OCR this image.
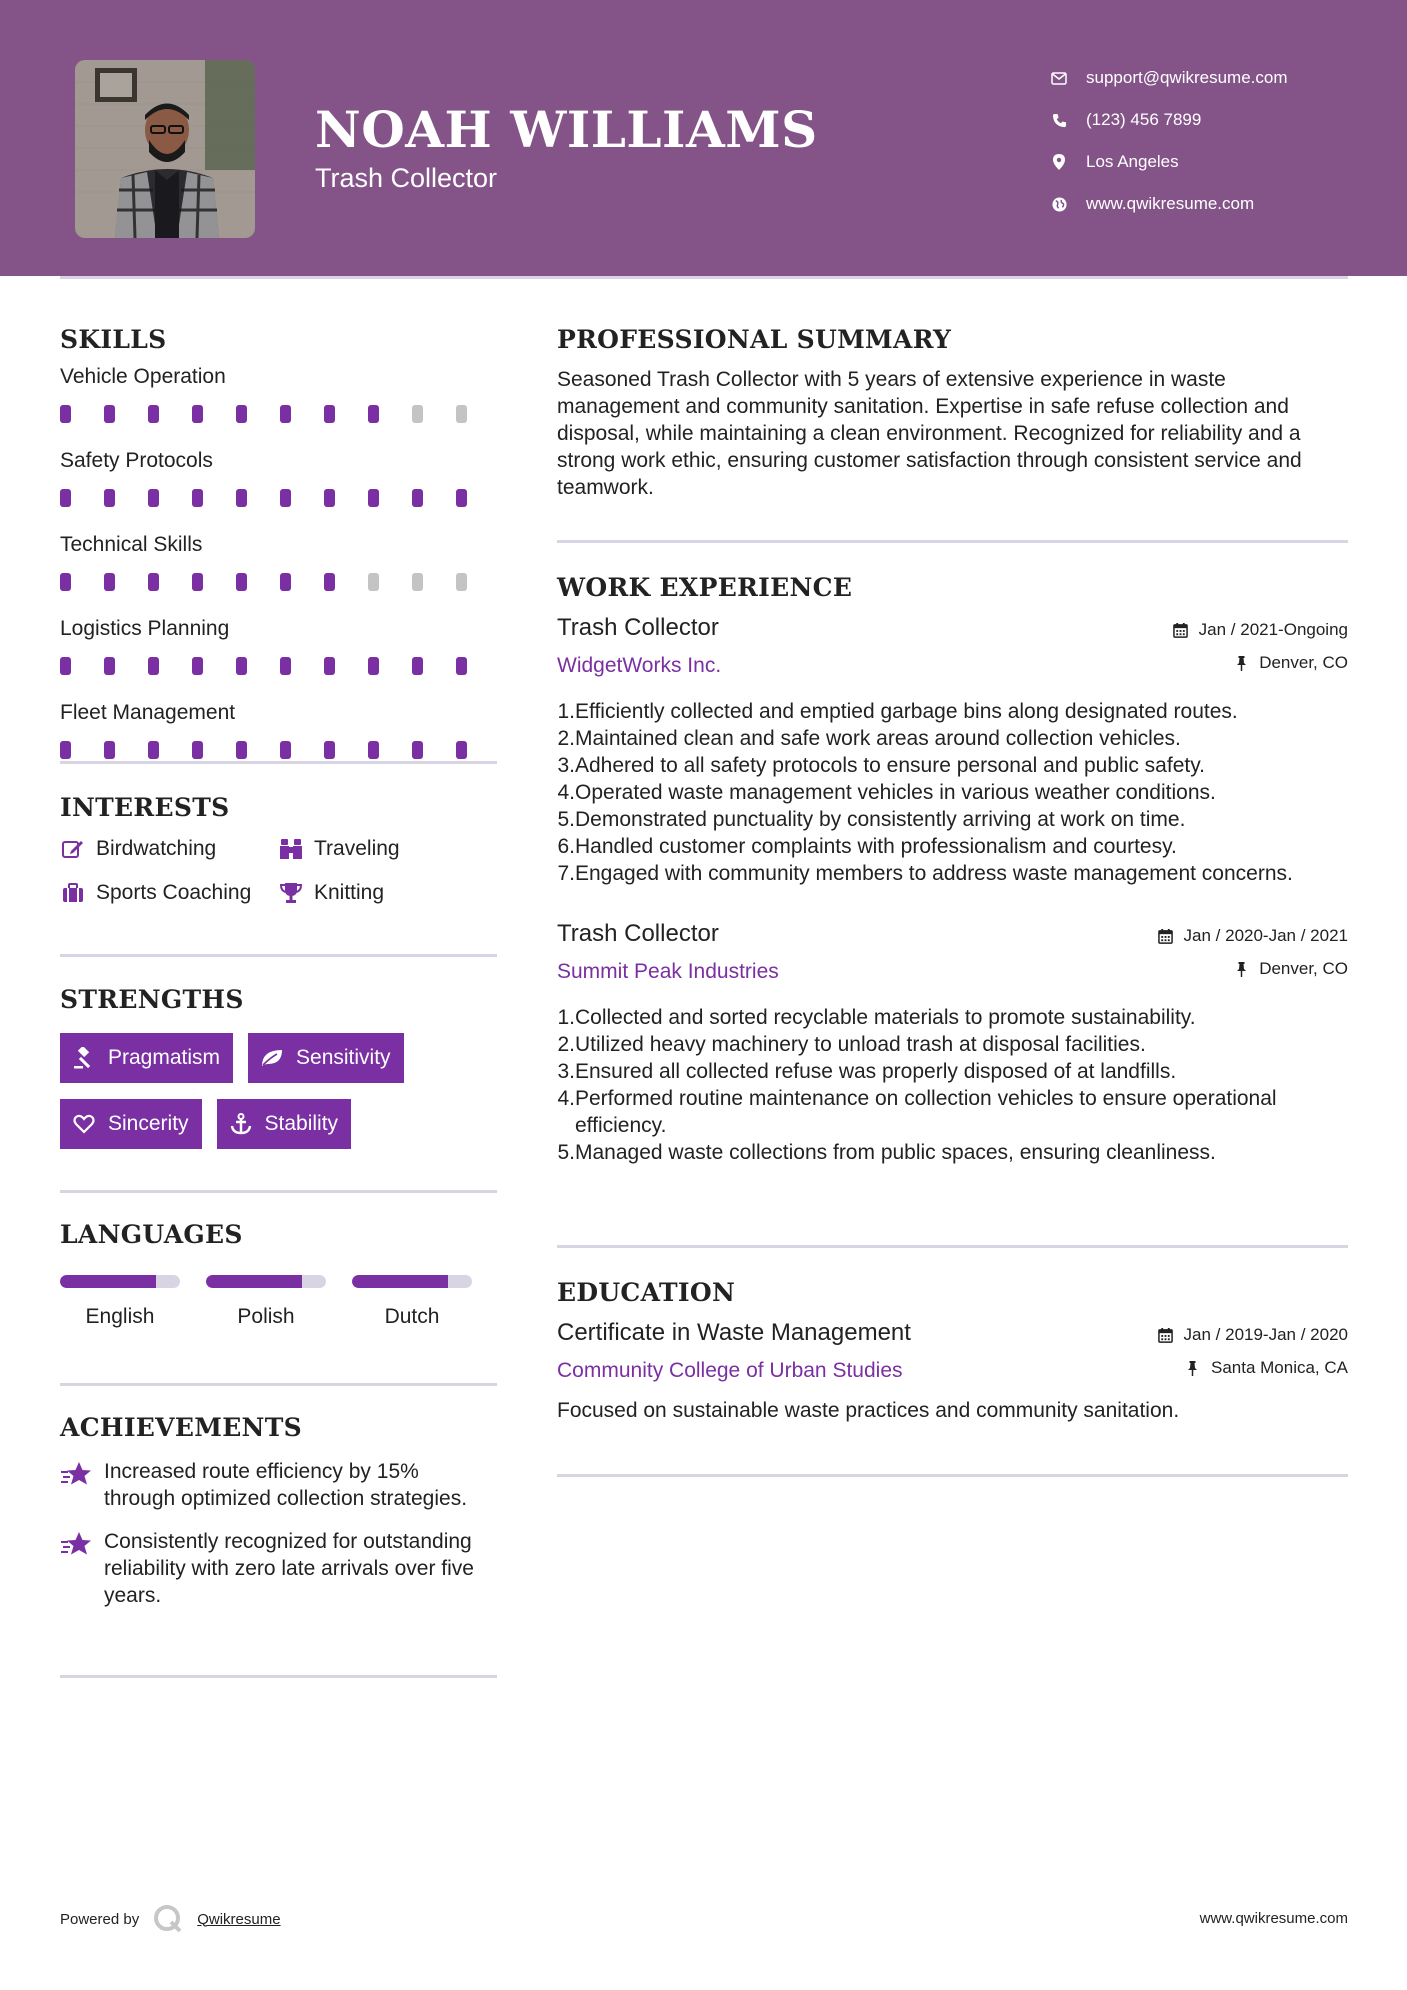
NOAH WILLIAMS
Trash Collector
support@qwikresume.com
(123) 456 7899
Los Angeles
www.qwikresume.com
SKILLS
Vehicle Operation
Safety Protocols
Technical Skills
Logistics Planning
Fleet Management
INTERESTS
Birdwatching	Traveling
Sports Coaching	Knitting
STRENGTHS
Pragmatism	Sensitivity
Sincerity	Stability
LANGUAGES
English	Polish	Dutch
ACHIEVEMENTS
Increased route efficiency by 15% through optimized collection strategies.
Consistently recognized for outstanding reliability with zero late arrivals over five years.
PROFESSIONAL SUMMARY
Seasoned Trash Collector with 5 years of extensive experience in waste management and community sanitation. Expertise in safe refuse collection and disposal, while maintaining a clean environment. Recognized for reliability and a strong work ethic, ensuring customer satisfaction through consistent service and teamwork.
WORK EXPERIENCE
Trash Collector
WidgetWorks Inc.
Jan / 2021-Ongoing
Denver, CO
1. Efficiently collected and emptied garbage bins along designated routes.
2. Maintained clean and safe work areas around collection vehicles.
3. Adhered to all safety protocols to ensure personal and public safety.
4. Operated waste management vehicles in various weather conditions.
5. Demonstrated punctuality by consistently arriving at work on time.
6. Handled customer complaints with professionalism and courtesy.
7. Engaged with community members to address waste management concerns.
Trash Collector
Summit Peak Industries
Jan / 2020-Jan / 2021
Denver, CO
1. Collected and sorted recyclable materials to promote sustainability.
2. Utilized heavy machinery to unload trash at disposal facilities.
3. Ensured all collected refuse was properly disposed of at landfills.
4. Performed routine maintenance on collection vehicles to ensure operational efficiency.
5. Managed waste collections from public spaces, ensuring cleanliness.
EDUCATION
Certificate in Waste Management
Community College of Urban Studies
Jan / 2019-Jan / 2020
Santa Monica, CA
Focused on sustainable waste practices and community sanitation.
Powered by	Qwikresume	www.qwikresume.com
